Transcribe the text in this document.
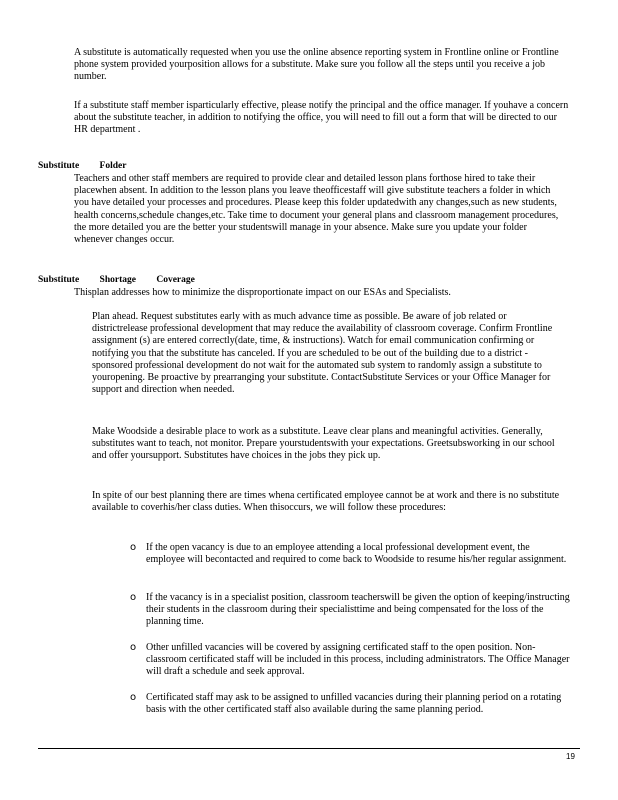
A substitute is automatically requested when you use the online absence reporting system in Frontline online or Frontline phone system provided yourposition allows for a substitute. Make sure you follow all the steps until you receive a job number.

If a substitute staff member isparticularly effective, please notify the principal and the office manager. If youhave a concern about the substitute teacher, in addition to notifying the office, you will need to fill out a form that will be directed to our HR department .

Substitute Folder

Teachers and other staff members are required to provide clear and detailed lesson plans forthose hired to take their placewhen absent. In addition to the lesson plans you leave theofficestaff will give substitute teachers a folder in which you have detailed your processes and procedures. Please keep this folder updatedwith any changes,such as new students, health concerns,schedule changes,etc. Take time to document your general plans and classroom management procedures, the more detailed you are the better your studentswill manage in your absence. Make sure you update your folder whenever changes occur.

Substitute Shortage Coverage

Thisplan addresses how to minimize the disproportionate impact on our ESAs and Specialists.

Plan ahead. Request substitutes early with as much advance time as possible. Be aware of job related or districtrelease professional development that may reduce the availability of classroom coverage. Confirm Frontline assignment (s) are entered correctly(date, time, & instructions). Watch for email communication confirming or notifying you that the substitute has canceled. If you are scheduled to be out of the building due to a district -sponsored professional development do not wait for the automated sub system to randomly assign a substitute to youropening. Be proactive by prearranging your substitute. ContactSubstitute Services or your Office Manager for support and direction when needed.
Make Woodside a desirable place to work as a substitute. Leave clear plans and meaningful activities. Generally, substitutes want to teach, not monitor. Prepare yourstudentswith your expectations. Greetsubsworking in our school and offer yoursupport. Substitutes have choices in the jobs they pick up.
In spite of our best planning there are times whena certificated employee cannot be at work and there is no substitute available to coverhis/her class duties. When thisoccurs, we will follow these procedures:
o If the open vacancy is due to an employee attending a local professional development event, the employee will becontacted and required to come back to Woodside to resume his/her regular assignment.
o If the vacancy is in a specialist position, classroom teacherswill be given the option of keeping/instructing their students in the classroom during their specialisttime and being compensated for the loss of the planning time.
o Other unfilled vacancies will be covered by assigning certificated staff to the open position. Non-classroom certificated staff will be included in this process, including administrators. The Office Manager will draft a schedule and seek approval.
o Certificated staff may ask to be assigned to unfilled vacancies during their planning period on a rotating basis with the other certificated staff also available during the same planning period.
19
